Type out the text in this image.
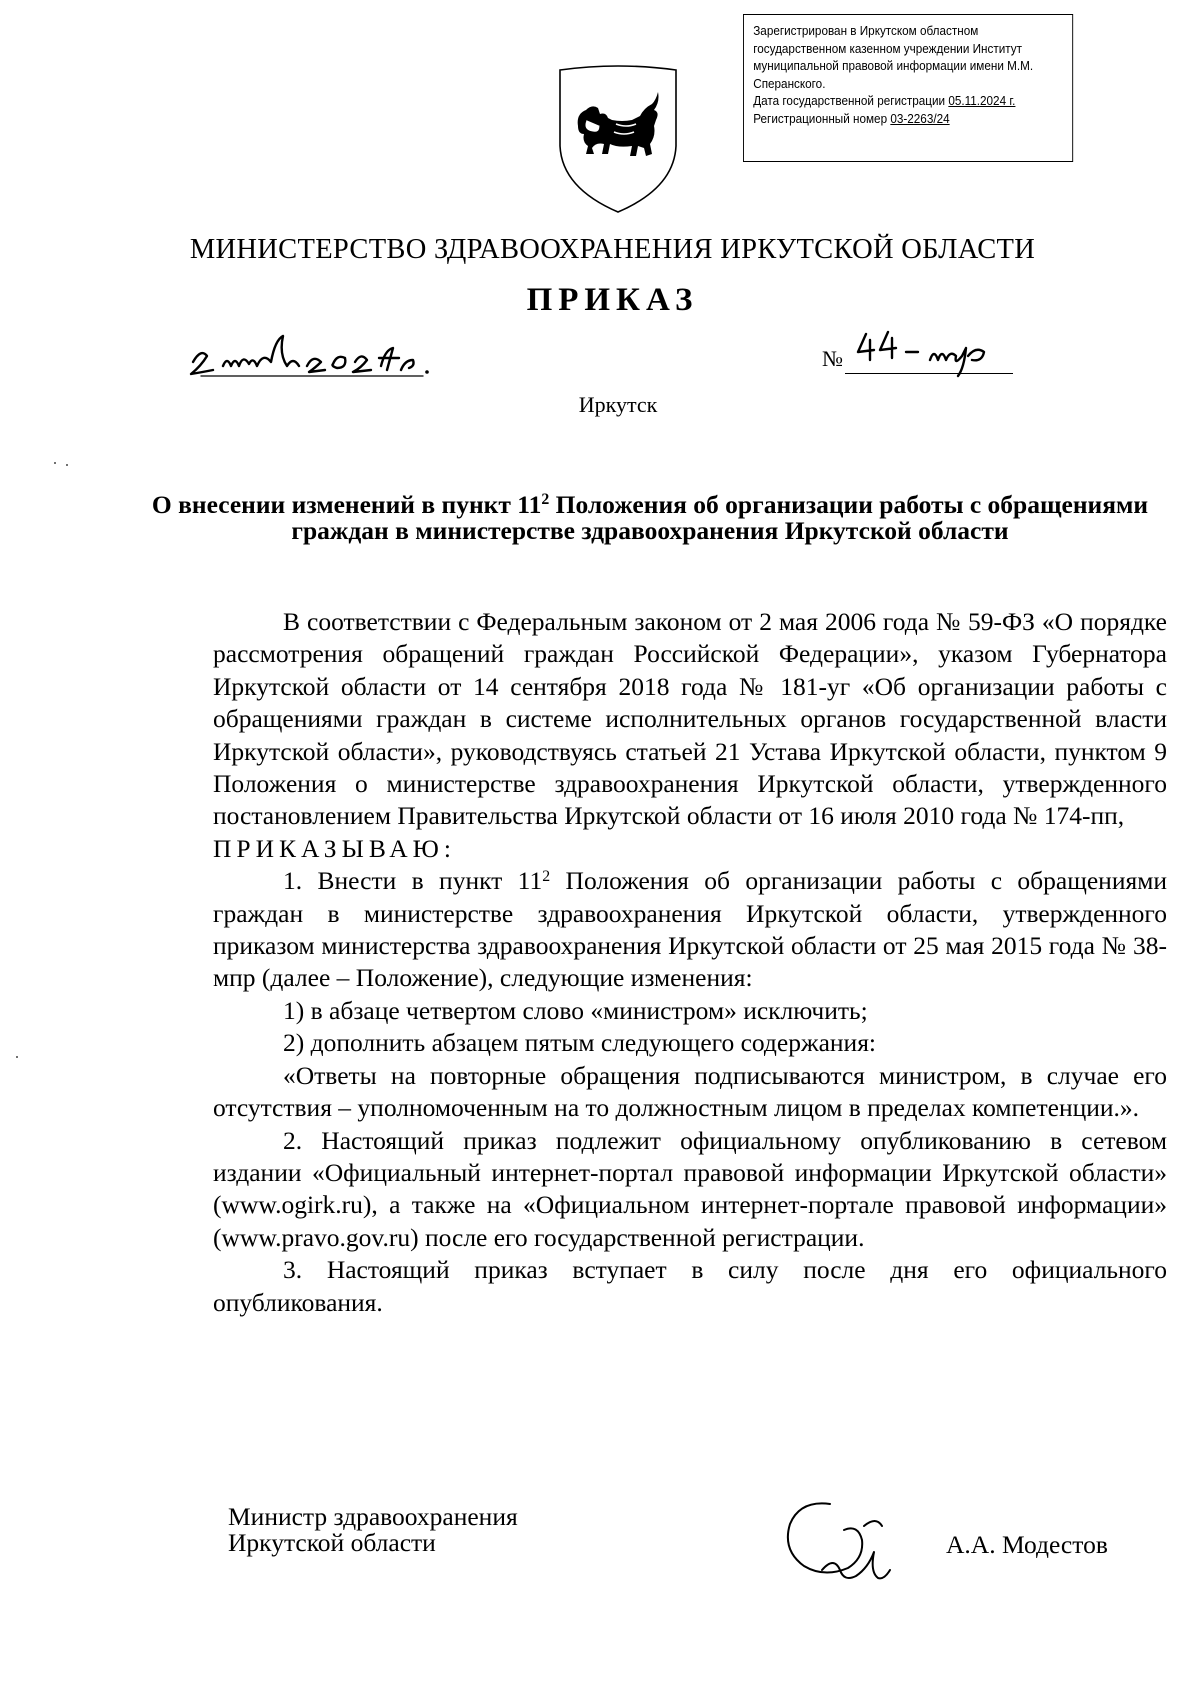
Зарегистрирован в Иркутском областном
государственном казенном учреждении Институт
муниципальной правовой информации имени М.М.
Сперанского.
Дата государственной регистрации 05.11.2024 г.
Регистрационный номер 03-2263/24
МИНИСТЕРСТВО ЗДРАВООХРАНЕНИЯ ИРКУТСКОЙ ОБЛАСТИ
ПРИКАЗ
№
Иркутск
О внесении изменений в пункт $11^2$ Положения об организации работы с обращениями граждан в министерстве здравоохранения Иркутской области

В соответствии с Федеральным законом от 2 мая 2006 года № 59-ФЗ «О порядке рассмотрения обращений граждан Российской Федерации», указом Губернатора Иркутской области от 14 сентября 2018 года № 181-уг «Об организации работы с обращениями граждан в системе исполнительных органов государственной власти Иркутской области», руководствуясь статьей 21 Устава Иркутской области, пунктом 9 Положения о министерстве здравоохранения Иркутской области, утвержденного постановлением Правительства Иркутской области от 16 июля 2010 года № 174-пп,

ПРИКАЗЫВАЮ:

1. Внести в пункт $11^2$ Положения об организации работы с обращениями граждан в министерстве здравоохранения Иркутской области, утвержденного приказом министерства здравоохранения Иркутской области от 25 мая 2015 года № 38-мпр (далее – Положение), следующие изменения:

1) в абзаце четвертом слово «министром» исключить;

2) дополнить абзацем пятым следующего содержания:

«Ответы на повторные обращения подписываются министром, в случае его отсутствия – уполномоченным на то должностным лицом в пределах компетенции.».

2. Настоящий приказ подлежит официальному опубликованию в сетевом издании «Официальный интернет-портал правовой информации Иркутской области» (www.ogirk.ru), а также на «Официальном интернет-портале правовой информации» (www.pravo.gov.ru) после его государственной регистрации.

3. Настоящий приказ вступает в силу после дня его официального опубликования.

Министр здравоохранения
Иркутской области	А.А. Модестов
